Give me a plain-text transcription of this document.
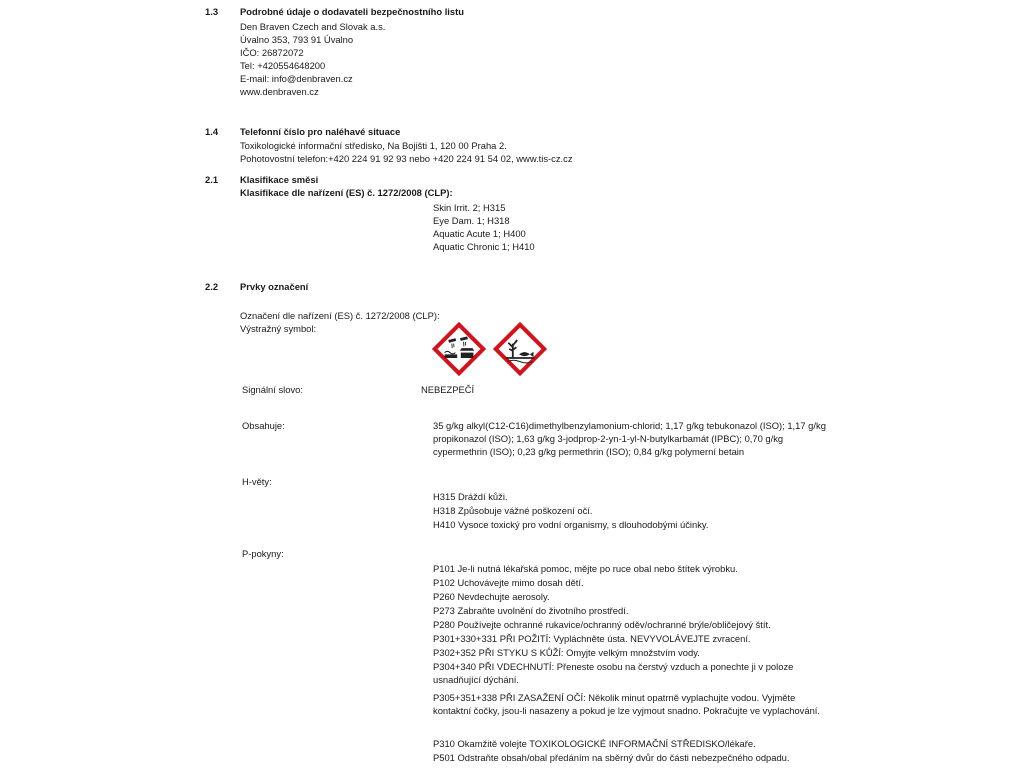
1.3 Podrobné údaje o dodavateli bezpečnostního listu
Den Braven Czech and Slovak a.s.
Úvalno 353, 793 91 Úvalno
IČO: 26872072
Tel: +420554648200
E-mail: info@denbraven.cz
www.denbraven.cz
1.4 Telefonní číslo pro naléhavé situace
Toxikologické informační středisko, Na Bojišti 1, 120 00 Praha 2.
Pohotovostní telefon:+420 224 91 92 93 nebo +420 224 91 54 02, www.tis-cz.cz
2.1 Klasifikace směsi
Klasifikace dle nařízení (ES) č. 1272/2008 (CLP):
Skin Irrit. 2; H315
Eye Dam. 1; H318
Aquatic Acute 1; H400
Aquatic Chronic 1; H410
2.2 Prvky označení
Označení dle nařízení (ES) č. 1272/2008 (CLP):
Výstražný symbol:
Signální slovo:	NEBEZPEČÍ
Obsahuje:	35 g/kg alkyl(C12-C16)dimethylbenzylamonium-chlorid; 1,17 g/kg tebukonazol (ISO); 1,17 g/kg propikonazol (ISO); 1,63 g/kg 3-jodprop-2-yn-1-yl-N-butylkarbamát (IPBC); 0,70 g/kg cypermethrin (ISO); 0,23 g/kg permethrin (ISO); 0,84 g/kg polymerní betain
H-věty:
H315 Dráždí kůži.
H318 Způsobuje vážné poškození očí.
H410 Vysoce toxický pro vodní organismy, s dlouhodobými účinky.
P-pokyny:
P101 Je-li nutná lékařská pomoc, mějte po ruce obal nebo štítek výrobku.
P102 Uchovávejte mimo dosah dětí.
P260 Nevdechujte aerosoly.
P273 Zabraňte uvolnění do životního prostředí.
P280 Používejte ochranné rukavice/ochranný oděv/ochranné brýle/obličejový štít.
P301+330+331 PŘI POŽITÍ: Vypláchněte ústa. NEVYVOLÁVEJTE zvracení.
P302+352 PŘI STYKU S KŮŽÍ: Omyjte velkým množstvím vody.
P304+340 PŘI VDECHNUTÍ: Přeneste osobu na čerstvý vzduch a ponechte ji v poloze usnadňující dýchání.
P305+351+338 PŘI ZASAŽENÍ OČÍ: Několik minut opatrně vyplachujte vodou. Vyjměte kontaktní čočky, jsou-li nasazeny a pokud je lze vyjmout snadno. Pokračujte ve vyplachování.
P310 Okamžitě volejte TOXIKOLOGICKÉ INFORMAČNÍ STŘEDISKO/lékaře.
P501 Odstraňte obsah/obal předáním na sběrný dvůr do části nebezpečného odpadu.
